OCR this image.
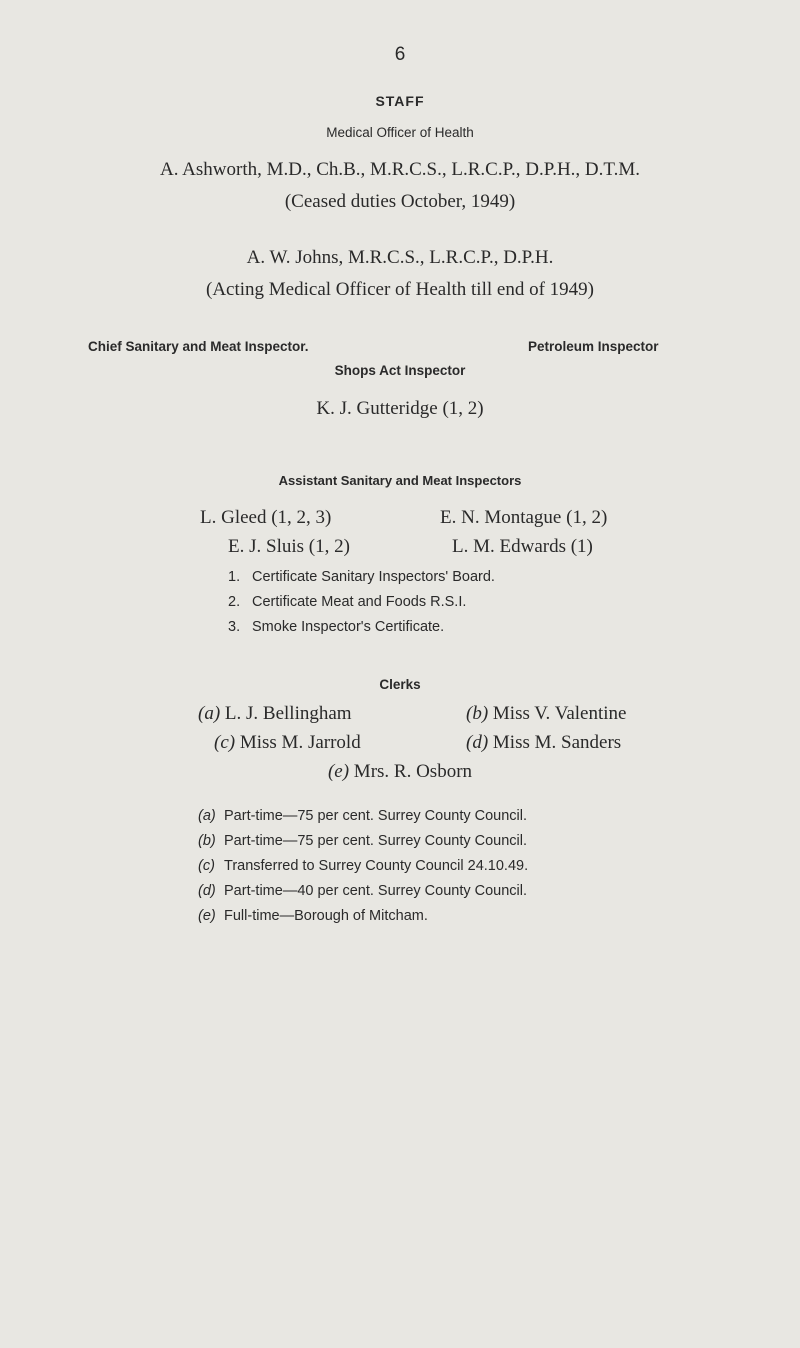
6
STAFF
Medical Officer of Health
A. Ashworth, M.D., Ch.B., M.R.C.S., L.R.C.P., D.P.H., D.T.M.
(Ceased duties October, 1949)
A. W. Johns, M.R.C.S., L.R.C.P., D.P.H.
(Acting Medical Officer of Health till end of 1949)
Chief Sanitary and Meat Inspector.	Petroleum Inspector
Shops Act Inspector
K. J. Gutteridge (1, 2)
Assistant Sanitary and Meat Inspectors
L. Gleed (1, 2, 3)	E. N. Montague (1, 2)
E. J. Sluis (1, 2)	L. M. Edwards (1)
1. Certificate Sanitary Inspectors' Board.
2. Certificate Meat and Foods R.S.I.
3. Smoke Inspector's Certificate.
Clerks
(a) L. J. Bellingham	(b) Miss V. Valentine
(c) Miss M. Jarrold	(d) Miss M. Sanders
(e) Mrs. R. Osborn
(a) Part-time—75 per cent. Surrey County Council.
(b) Part-time—75 per cent. Surrey County Council.
(c) Transferred to Surrey County Council 24.10.49.
(d) Part-time—40 per cent. Surrey County Council.
(e) Full-time—Borough of Mitcham.
